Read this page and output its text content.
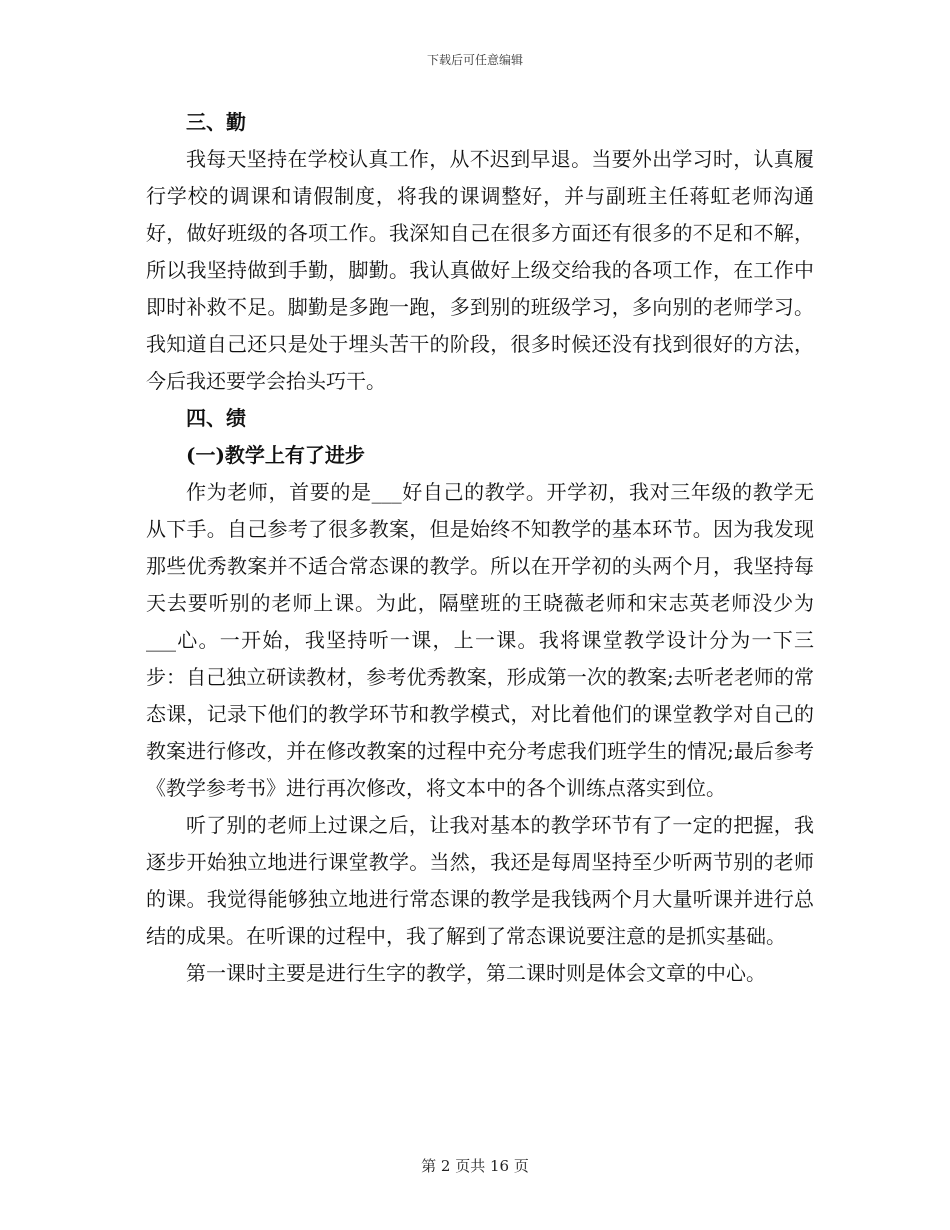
下载后可任意编辑

三、勤

我每天坚持在学校认真工作，从不迟到早退。当要外出学习时，认真履行学校的调课和请假制度，将我的课调整好，并与副班主任蒋虹老师沟通好，做好班级的各项工作。我深知自己在很多方面还有很多的不足和不解，所以我坚持做到手勤，脚勤。我认真做好上级交给我的各项工作，在工作中即时补救不足。脚勤是多跑一跑，多到别的班级学习，多向别的老师学习。我知道自己还只是处于埋头苦干的阶段，很多时候还没有找到很好的方法，今后我还要学会抬头巧干。

四、绩

(一)教学上有了进步

作为老师，首要的是___好自己的教学。开学初，我对三年级的教学无从下手。自己参考了很多教案，但是始终不知教学的基本环节。因为我发现那些优秀教案并不适合常态课的教学。所以在开学初的头两个月，我坚持每天去要听别的老师上课。为此，隔壁班的王晓薇老师和宋志英老师没少为___心。一开始，我坚持听一课，上一课。我将课堂教学设计分为一下三步：自己独立研读教材，参考优秀教案，形成第一次的教案;去听老老师的常态课，记录下他们的教学环节和教学模式，对比着他们的课堂教学对自己的教案进行修改，并在修改教案的过程中充分考虑我们班学生的情况;最后参考《教学参考书》进行再次修改，将文本中的各个训练点落实到位。

听了别的老师上过课之后，让我对基本的教学环节有了一定的把握，我逐步开始独立地进行课堂教学。当然，我还是每周坚持至少听两节别的老师的课。我觉得能够独立地进行常态课的教学是我钱两个月大量听课并进行总结的成果。在听课的过程中，我了解到了常态课说要注意的是抓实基础。

第一课时主要是进行生字的教学，第二课时则是体会文章的中心。

第 2 页共 16 页
